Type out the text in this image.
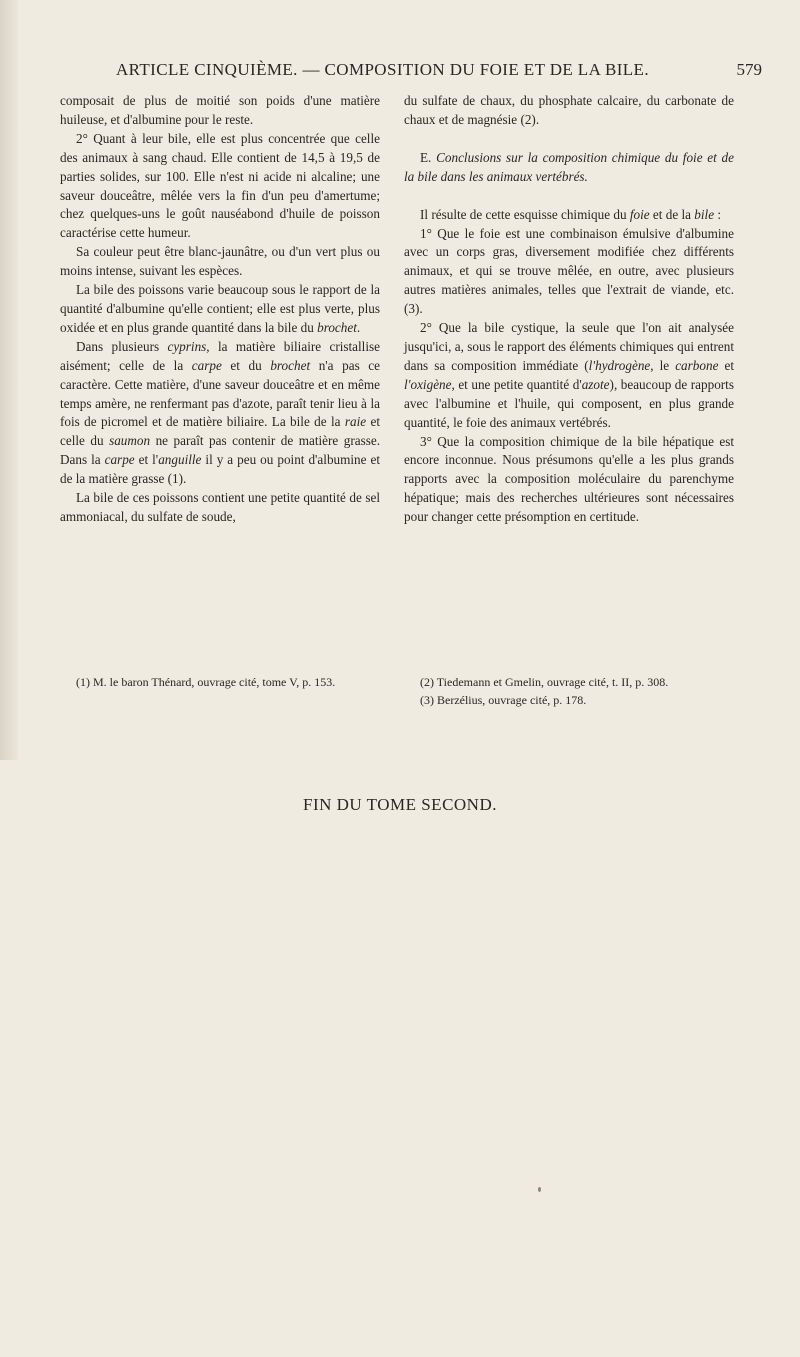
ARTICLE CINQUIÈME. — COMPOSITION DU FOIE ET DE LA BILE.	579

composait de plus de moitié son poids d'une matière huileuse, et d'albumine pour le reste.

2° Quant à leur bile, elle est plus concentrée que celle des animaux à sang chaud. Elle contient de 14,5 à 19,5 de parties solides, sur 100. Elle n'est ni acide ni alcaline; une saveur douceâtre, mêlée vers la fin d'un peu d'amertume; chez quelques-uns le goût nauséabond d'huile de poisson caractérise cette humeur.

Sa couleur peut être blanc-jaunâtre, ou d'un vert plus ou moins intense, suivant les espèces.

La bile des poissons varie beaucoup sous le rapport de la quantité d'albumine qu'elle contient; elle est plus verte, plus oxidée et en plus grande quantité dans la bile du brochet.

Dans plusieurs cyprins, la matière biliaire cristallise aisément; celle de la carpe et du brochet n'a pas ce caractère. Cette matière, d'une saveur douceâtre et en même temps amère, ne renfermant pas d'azote, paraît tenir lieu à la fois de picromel et de matière biliaire. La bile de la raie et celle du saumon ne paraît pas contenir de matière grasse. Dans la carpe et l'anguille il y a peu ou point d'albumine et de la matière grasse (1).

La bile de ces poissons contient une petite quantité de sel ammoniacal, du sulfate de soude,

du sulfate de chaux, du phosphate calcaire, du carbonate de chaux et de magnésie (2).

E. Conclusions sur la composition chimique du foie et de la bile dans les animaux vertébrés.

Il résulte de cette esquisse chimique du foie et de la bile :

1° Que le foie est une combinaison émulsive d'albumine avec un corps gras, diversement modifiée chez différents animaux, et qui se trouve mêlée, en outre, avec plusieurs autres matières animales, telles que l'extrait de viande, etc. (3).

2° Que la bile cystique, la seule que l'on ait analysée jusqu'ici, a, sous le rapport des éléments chimiques qui entrent dans sa composition immédiate (l'hydrogène, le carbone et l'oxigène, et une petite quantité d'azote), beaucoup de rapports avec l'albumine et l'huile, qui composent, en plus grande quantité, le foie des animaux vertébrés.

3° Que la composition chimique de la bile hépatique est encore inconnue. Nous présumons qu'elle a les plus grands rapports avec la composition moléculaire du parenchyme hépatique; mais des recherches ultérieures sont nécessaires pour changer cette présomption en certitude.

(1) M. le baron Thénard, ouvrage cité, tome V, p. 153.	(2) Tiedemann et Gmelin, ouvrage cité, t. II, p. 308.

(3) Berzélius, ouvrage cité, p. 178.

FIN DU TOME SECOND.
